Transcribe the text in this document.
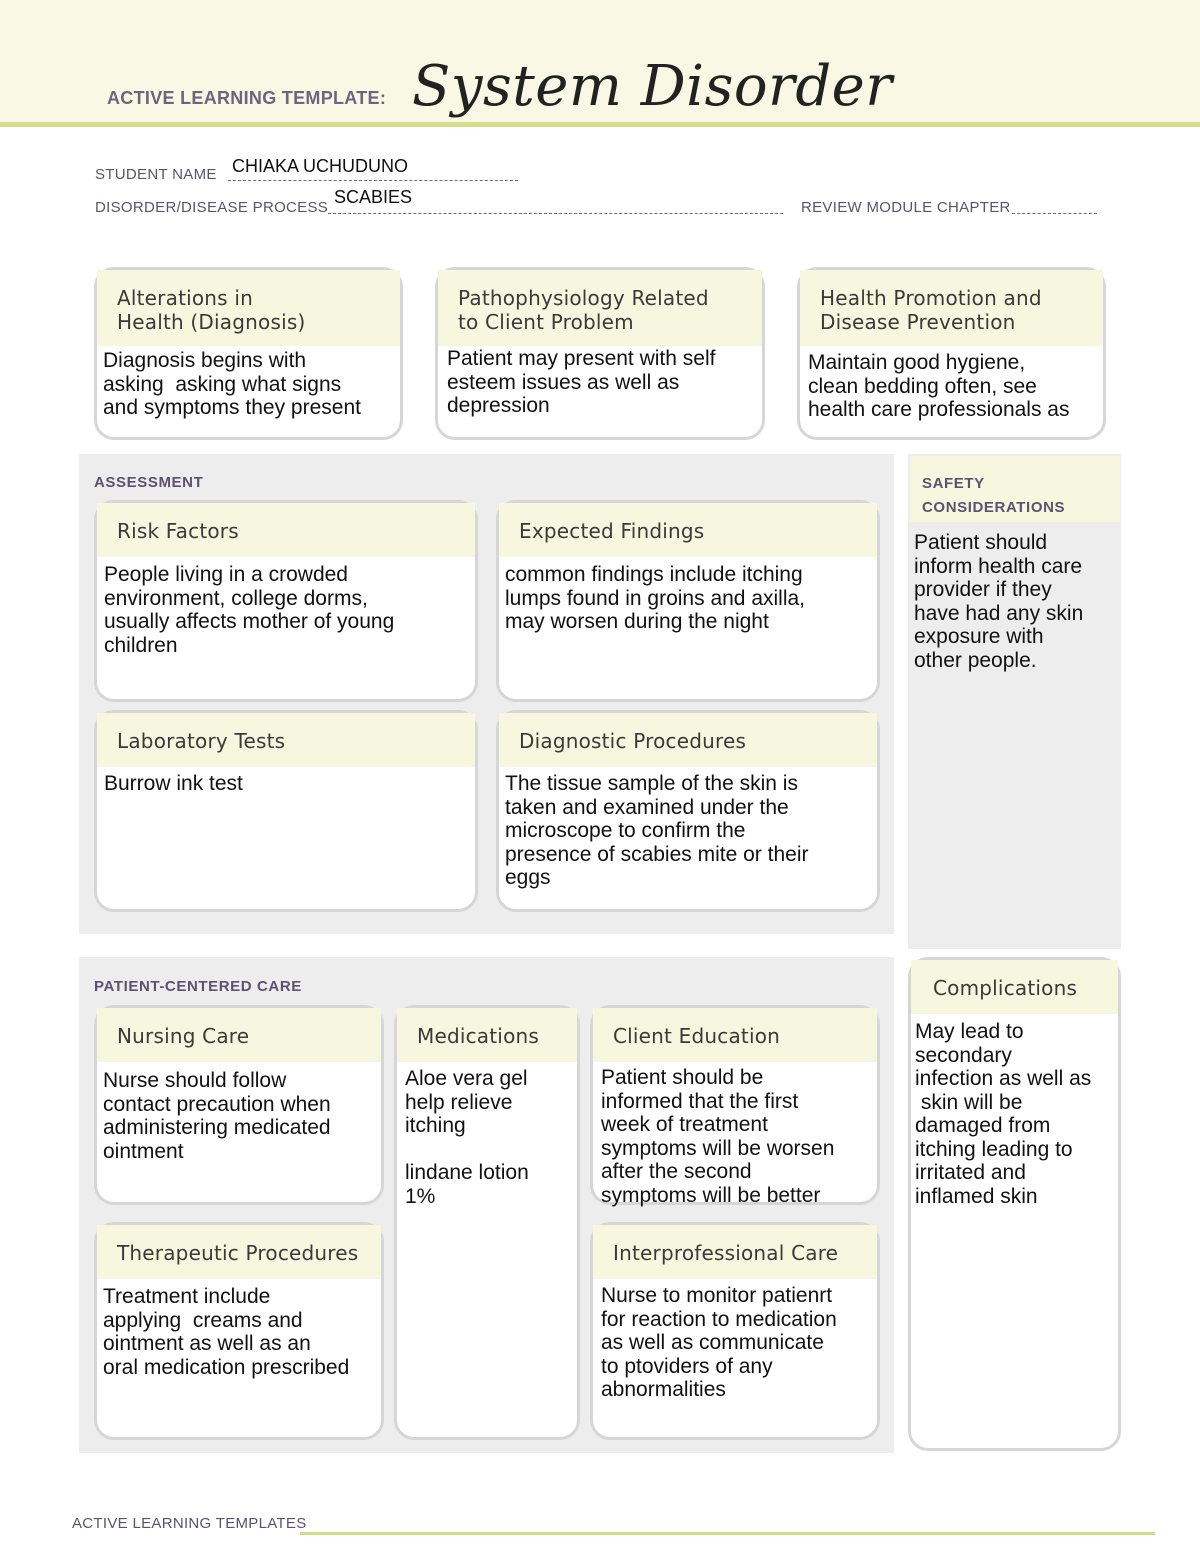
ACTIVE LEARNING TEMPLATE: System Disorder
STUDENT NAME CHIAKA UCHUDUNO
DISORDER/DISEASE PROCESS
SCABIES
REVIEW MODULE CHAPTER
Alterations in
Health (Diagnosis)
Diagnosis begins with
asking  asking what signs
and symptoms they present
Pathophysiology Related
to Client Problem
Patient may present with self
esteem issues as well as
depression
Health Promotion and
Disease Prevention
Maintain good hygiene,
clean bedding often, see
health care professionals as
ASSESSMENT
Risk Factors
People living in a crowded
environment, college dorms,
usually affects mother of young
children
Expected Findings
common findings include itching
lumps found in groins and axilla,
may worsen during the night
Laboratory Tests
Burrow ink test
Diagnostic Procedures
The tissue sample of the skin is
taken and examined under the
microscope to confirm the
presence of scabies mite or their
eggs
SAFETY
CONSIDERATIONS
Patient should
inform health care
provider if they
have had any skin
exposure with
other people.
PATIENT-CENTERED CARE
Nursing Care
Nurse should follow
contact precaution when
administering medicated
ointment
Medications
Aloe vera gel
help relieve
itching

lindane lotion
1%
Client Education
Patient should be
informed that the first
week of treatment
symptoms will be worsen
after the second
symptoms will be better
Therapeutic Procedures
Treatment include
applying  creams and
ointment as well as an
oral medication prescribed
Interprofessional Care
Nurse to monitor patienrt
for reaction to medication
as well as communicate
to ptoviders of any
abnormalities
Complications
May lead to
secondary
infection as well as
skin will be
damaged from
itching leading to
irritated and
inflamed skin
ACTIVE LEARNING TEMPLATES
